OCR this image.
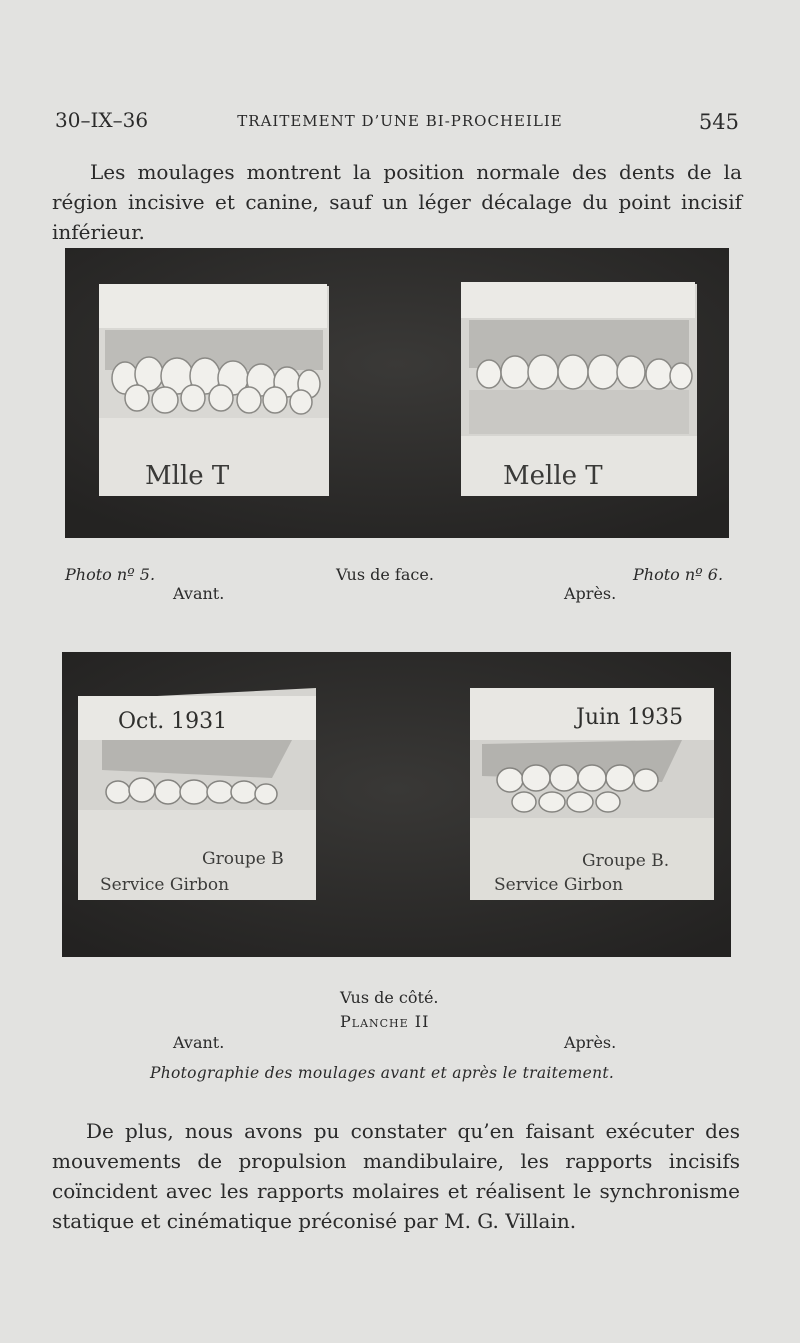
30–IX–36	TRAITEMENT D’UNE BI-PROCHEILIE	545
Les moulages montrent la position normale des dents de la région incisive et canine, sauf un léger décalage du point incisif inférieur.
Mlle T	Melle T
Photo nº 5.	Vus de face.	Photo nº 6.
Avant.	Après.
Oct. 1931
Groupe B
Service Girbon
Juin 1935
Groupe B.
Service Girbon
Vus de côté.
Planche II
Avant.	Après.
Photographie des moulages avant et après le traitement.
De plus, nous avons pu constater qu’en faisant exécuter des mouvements de propulsion mandibulaire, les rapports incisifs coïncident avec les rapports molaires et réalisent le synchronisme statique et cinématique préconisé par M. G. Villain.
